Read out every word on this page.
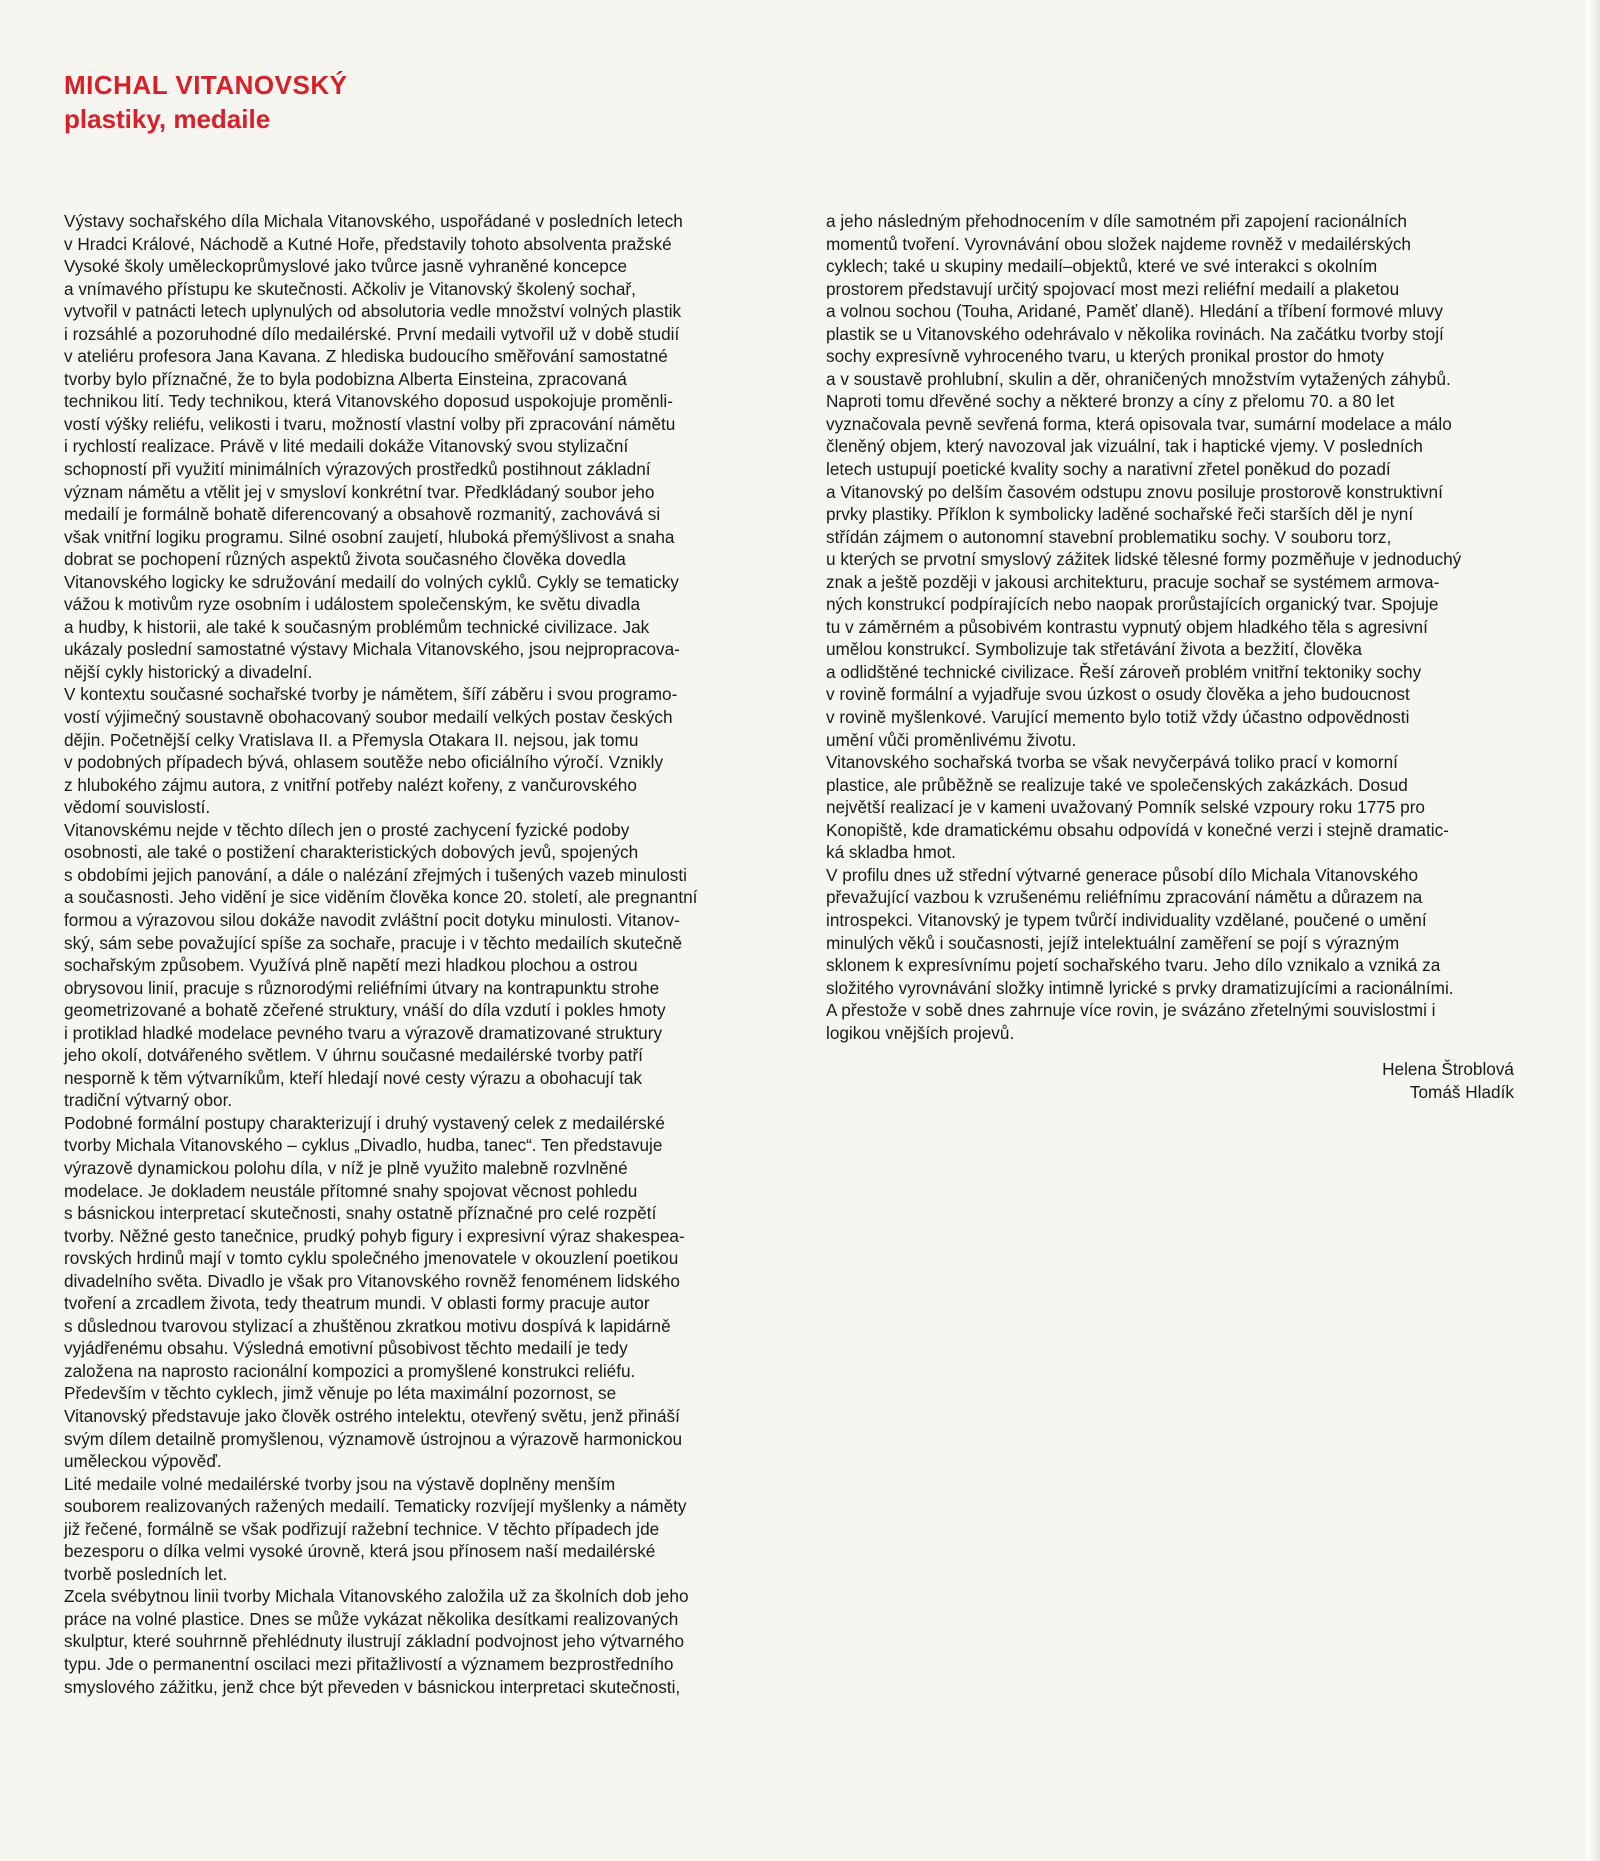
MICHAL VITANOVSKÝ
plastiky, medaile
Výstavy sochařského díla Michala Vitanovského, uspořádané v posledních letech
v Hradci Králové, Náchodě a Kutné Hoře, představily tohoto absolventa pražské
Vysoké školy uměleckoprůmyslové jako tvůrce jasně vyhraněné koncepce
a vnímavého přístupu ke skutečnosti. Ačkoliv je Vitanovský školený sochař,
vytvořil v patnácti letech uplynulých od absolutoria vedle množství volných plastik
i rozsáhlé a pozoruhodné dílo medailérské. První medaili vytvořil už v době studií
v ateliéru profesora Jana Kavana. Z hlediska budoucího směřování samostatné
tvorby bylo příznačné, že to byla podobizna Alberta Einsteina, zpracovaná
technikou lití. Tedy technikou, která Vitanovského doposud uspokojuje proměnli-
vostí výšky reliéfu, velikosti i tvaru, možností vlastní volby při zpracování námětu
i rychlostí realizace. Právě v lité medaili dokáže Vitanovský svou stylizační
schopností při využití minimálních výrazových prostředků postihnout základní
význam námětu a vtělit jej v smysloví konkrétní tvar. Předkládaný soubor jeho
medailí je formálně bohatě diferencovaný a obsahově rozmanitý, zachovává si
však vnitřní logiku programu. Silné osobní zaujetí, hluboká přemýšlivost a snaha
dobrat se pochopení různých aspektů života současného člověka dovedla
Vitanovského logicky ke sdružování medailí do volných cyklů. Cykly se tematicky
vážou k motivům ryze osobním i událostem společenským, ke světu divadla
a hudby, k historii, ale také k současným problémům technické civilizace. Jak
ukázaly poslední samostatné výstavy Michala Vitanovského, jsou nejpropracova-
nější cykly historický a divadelní.
V kontextu současné sochařské tvorby je námětem, šíří záběru i svou programo-
vostí výjimečný soustavně obohacovaný soubor medailí velkých postav českých
dějin. Početnější celky Vratislava II. a Přemysla Otakara II. nejsou, jak tomu
v podobných případech bývá, ohlasem soutěže nebo oficiálního výročí. Vznikly
z hlubokého zájmu autora, z vnitřní potřeby nalézt kořeny, z vančurovského
vědomí souvislostí.
Vitanovskému nejde v těchto dílech jen o prosté zachycení fyzické podoby
osobnosti, ale také o postižení charakteristických dobových jevů, spojených
s obdobími jejich panování, a dále o nalézání zřejmých i tušených vazeb minulosti
a současnosti. Jeho vidění je sice viděním člověka konce 20. století, ale pregnantní
formou a výrazovou silou dokáže navodit zvláštní pocit dotyku minulosti. Vitanov-
ský, sám sebe považující spíše za sochaře, pracuje i v těchto medailích skutečně
sochařským způsobem. Využívá plně napětí mezi hladkou plochou a ostrou
obrysovou linií, pracuje s různorodými reliéfními útvary na kontrapunktu strohe
geometrizované a bohatě zčeřené struktury, vnáší do díla vzdutí i pokles hmoty
i protiklad hladké modelace pevného tvaru a výrazově dramatizované struktury
jeho okolí, dotvářeného světlem. V úhrnu současné medailérské tvorby patří
nesporně k těm výtvarníkům, kteří hledají nové cesty výrazu a obohacují tak
tradiční výtvarný obor.
Podobné formální postupy charakterizují i druhý vystavený celek z medailérské
tvorby Michala Vitanovského – cyklus „Divadlo, hudba, tanec“. Ten představuje
výrazově dynamickou polohu díla, v níž je plně využito malebně rozvlněné
modelace. Je dokladem neustále přítomné snahy spojovat věcnost pohledu
s básnickou interpretací skutečnosti, snahy ostatně příznačné pro celé rozpětí
tvorby. Něžné gesto tanečnice, prudký pohyb figury i expresivní výraz shakespea-
rovských hrdinů mají v tomto cyklu společného jmenovatele v okouzlení poetikou
divadelního světa. Divadlo je však pro Vitanovského rovněž fenoménem lidského
tvoření a zrcadlem života, tedy theatrum mundi. V oblasti formy pracuje autor
s důslednou tvarovou stylizací a zhuštěnou zkratkou motivu dospívá k lapidárně
vyjádřenému obsahu. Výsledná emotivní působivost těchto medailí je tedy
založena na naprosto racionální kompozici a promyšlené konstrukci reliéfu.
Především v těchto cyklech, jimž věnuje po léta maximální pozornost, se
Vitanovský představuje jako člověk ostrého intelektu, otevřený světu, jenž přináší
svým dílem detailně promyšlenou, významově ústrojnou a výrazově harmonickou
uměleckou výpověď.
Lité medaile volné medailérské tvorby jsou na výstavě doplněny menším
souborem realizovaných ražených medailí. Tematicky rozvíjejí myšlenky a náměty
již řečené, formálně se však podřizují ražební technice. V těchto případech jde
bezesporu o dílka velmi vysoké úrovně, která jsou přínosem naší medailérské
tvorbě posledních let.
Zcela svébytnou linii tvorby Michala Vitanovského založila už za školních dob jeho
práce na volné plastice. Dnes se může vykázat několika desítkami realizovaných
skulptur, které souhrnně přehlédnuty ilustrují základní podvojnost jeho výtvarného
typu. Jde o permanentní oscilaci mezi přitažlivostí a významem bezprostředního
smyslového zážitku, jenž chce být převeden v básnickou interpretaci skutečnosti,
a jeho následným přehodnocením v díle samotném při zapojení racionálních
momentů tvoření. Vyrovnávání obou složek najdeme rovněž v medailérských
cyklech; také u skupiny medailí–objektů, které ve své interakci s okolním
prostorem představují určitý spojovací most mezi reliéfní medailí a plaketou
a volnou sochou (Touha, Aridané, Paměť dlaně). Hledání a tříbení formové mluvy
plastik se u Vitanovského odehrávalo v několika rovinách. Na začátku tvorby stojí
sochy expresívně vyhroceného tvaru, u kterých pronikal prostor do hmoty
a v soustavě prohlubní, skulin a děr, ohraničených množstvím vytažených záhybů.
Naproti tomu dřevěné sochy a některé bronzy a cíny z přelomu 70. a 80 let
vyznačovala pevně sevřená forma, která opisovala tvar, sumární modelace a málo
členěný objem, který navozoval jak vizuální, tak i haptické vjemy. V posledních
letech ustupují poetické kvality sochy a narativní zřetel poněkud do pozadí
a Vitanovský po delším časovém odstupu znovu posiluje prostorově konstruktivní
prvky plastiky. Příklon k symbolicky laděné sochařské řeči starších děl je nyní
střídán zájmem o autonomní stavební problematiku sochy. V souboru torz,
u kterých se prvotní smyslový zážitek lidské tělesné formy pozměňuje v jednoduchý
znak a ještě později v jakousi architekturu, pracuje sochař se systémem armova-
ných konstrukcí podpírajících nebo naopak prorůstajících organický tvar. Spojuje
tu v záměrném a působivém kontrastu vypnutý objem hladkého těla s agresivní
umělou konstrukcí. Symbolizuje tak střetávání života a bezžití, člověka
a odlidštěné technické civilizace. Řeší zároveň problém vnitřní tektoniky sochy
v rovině formální a vyjadřuje svou úzkost o osudy člověka a jeho budoucnost
v rovině myšlenkové. Varující memento bylo totiž vždy účastno odpovědnosti
umění vůči proměnlivému životu.
Vitanovského sochařská tvorba se však nevyčerpává toliko prací v komorní
plastice, ale průběžně se realizuje také ve společenských zakázkách. Dosud
největší realizací je v kameni uvažovaný Pomník selské vzpoury roku 1775 pro
Konopiště, kde dramatickému obsahu odpovídá v konečné verzi i stejně dramatic-
ká skladba hmot.
V profilu dnes už střední výtvarné generace působí dílo Michala Vitanovského
převažující vazbou k vzrušenému reliéfnímu zpracování námětu a důrazem na
introspekci. Vitanovský je typem tvůrčí individuality vzdělané, poučené o umění
minulých věků i současnosti, jejíž intelektuální zaměření se pojí s výrazným
sklonem k expresívnímu pojetí sochařského tvaru. Jeho dílo vznikalo a vzniká za
složitého vyrovnávání složky intimně lyrické s prvky dramatizujícími a racionálními.
A přestože v sobě dnes zahrnuje více rovin, je svázáno zřetelnými souvislostmi i
logikou vnějších projevů.
Helena Štroblová
Tomáš Hladík
